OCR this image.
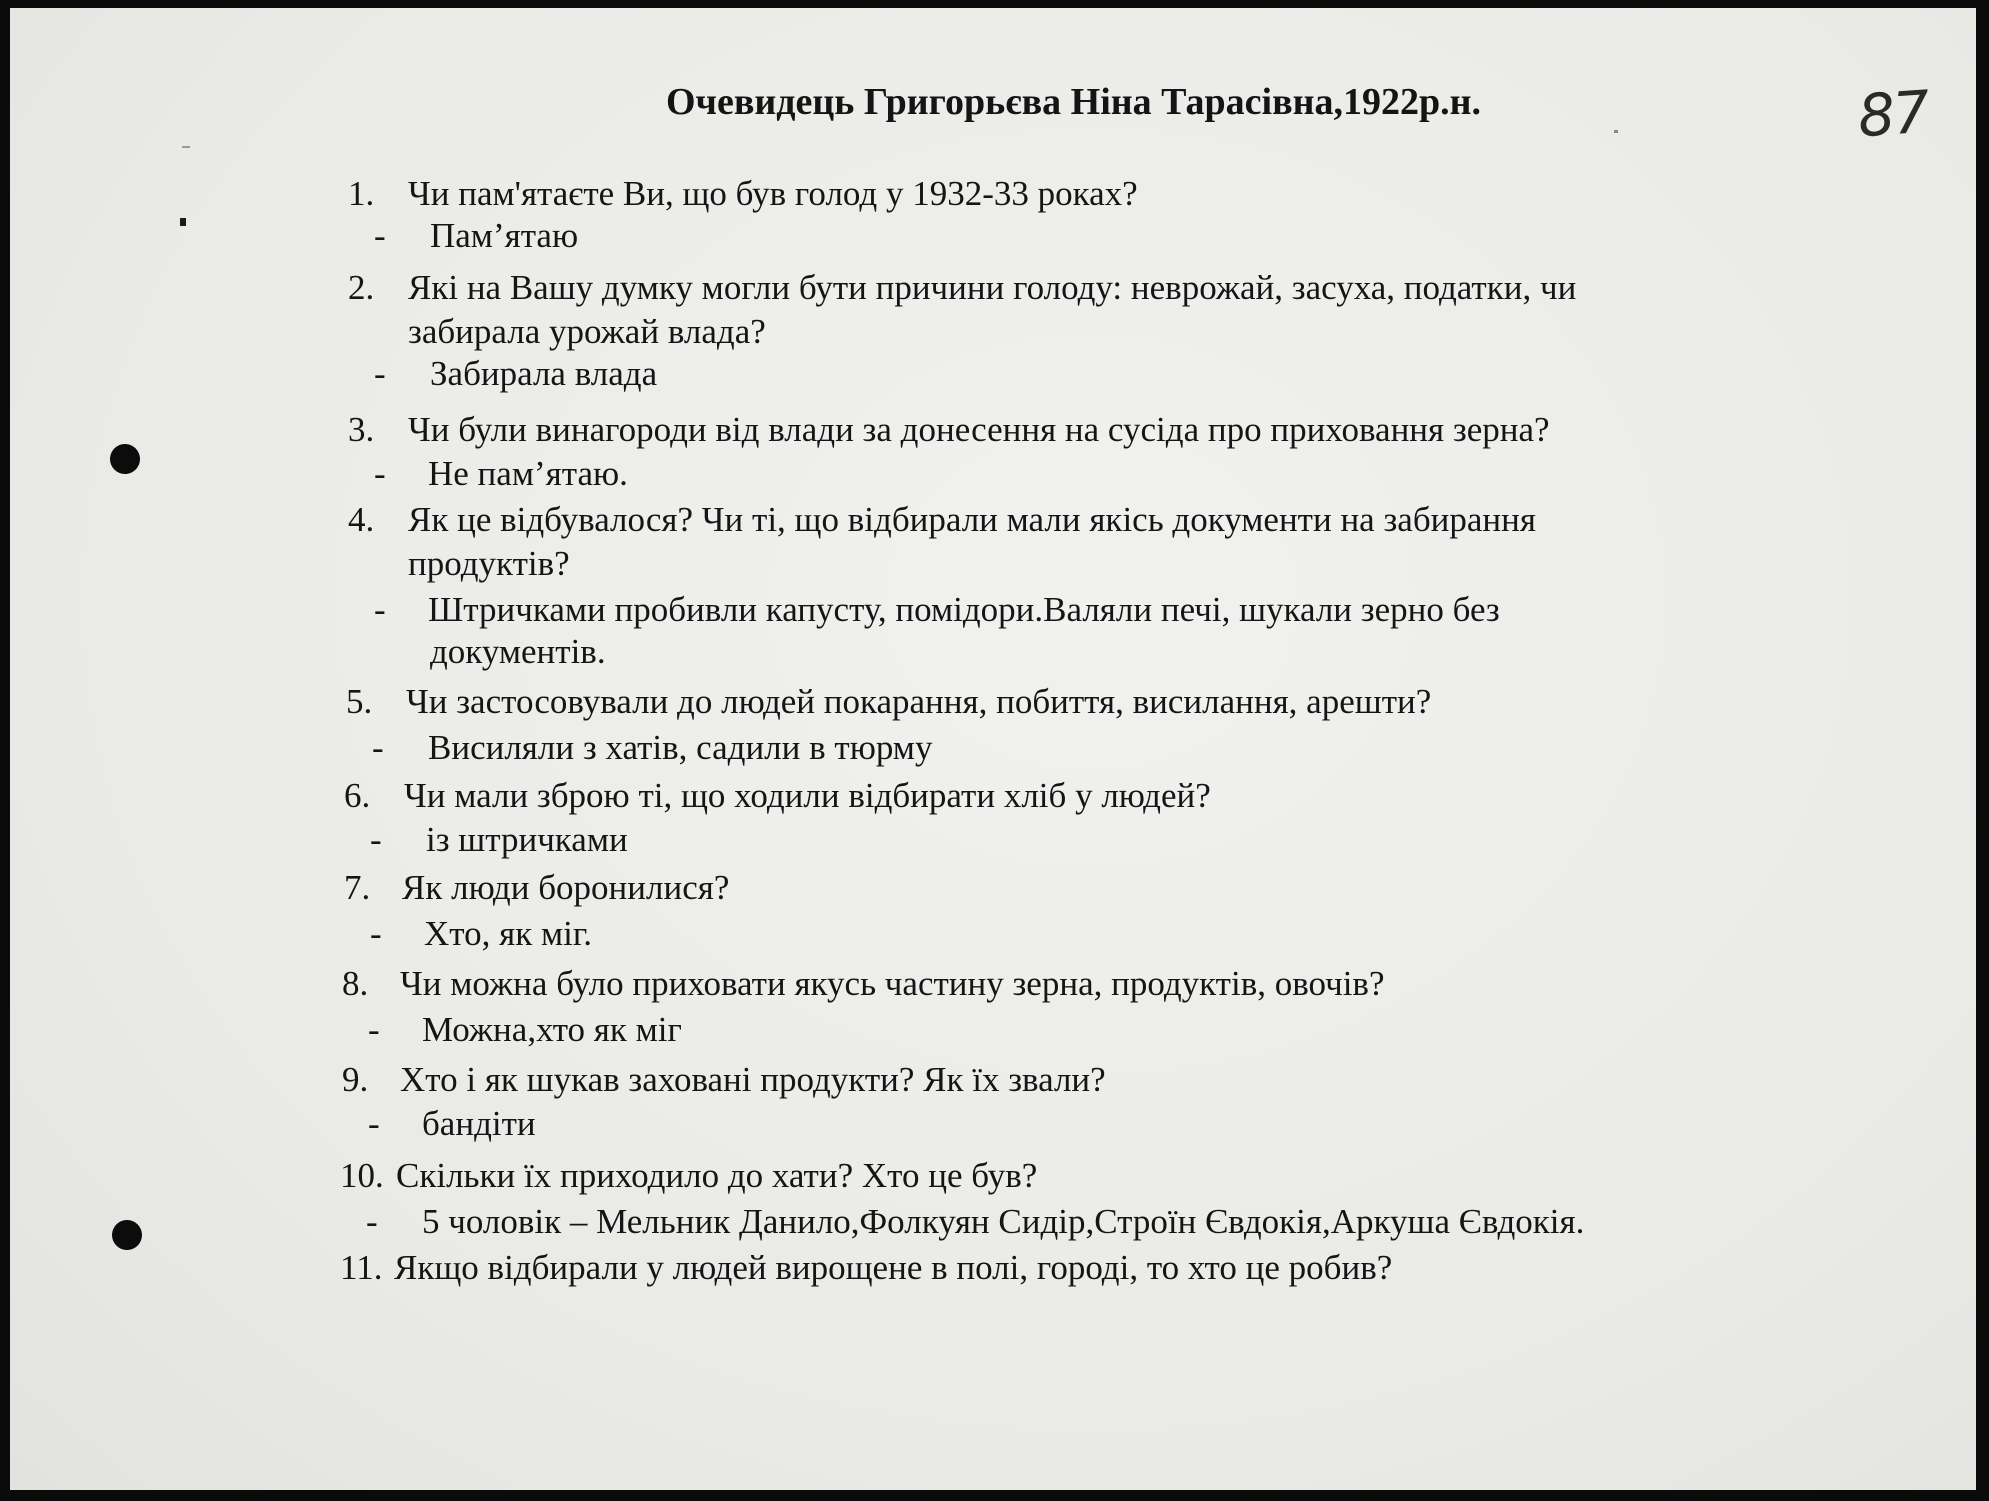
Очевидець Григорьєва Ніна Тарасівна,1922р.н.	87
1. Чи пам'ятаєте Ви, що був голод у 1932-33 роках?
- Пам’ятаю
2. Які на Вашу думку могли бути причини голоду: неврожай, засуха, податки, чи
забирала урожай влада?
- Забирала влада
3. Чи були винагороди від влади за донесення на сусіда про приховання зерна?
- Не пам’ятаю.
4. Як це відбувалося? Чи ті, що відбирали мали якісь документи на забирання
продуктів?
- Штричками пробивли капусту, помідори.Валяли печі, шукали зерно без
документів.
5. Чи застосовували до людей покарання, побиття, висилання, арешти?
- Висиляли з хатів, садили в тюрму
6. Чи мали зброю ті, що ходили відбирати хліб у людей?
- із штричками
7. Як люди боронилися?
- Хто, як міг.
8. Чи можна було приховати якусь частину зерна, продуктів, овочів?
- Можна,хто як міг
9. Хто і як шукав заховані продукти? Як їх звали?
- бандіти
10. Скільки їх приходило до хати? Хто це був?
- 5 чоловік – Мельник Данило,Фолкуян Сидір,Строїн Євдокія,Аркуша Євдокія.
11. Якщо відбирали у людей вирощене в полі, городі, то хто це робив?
